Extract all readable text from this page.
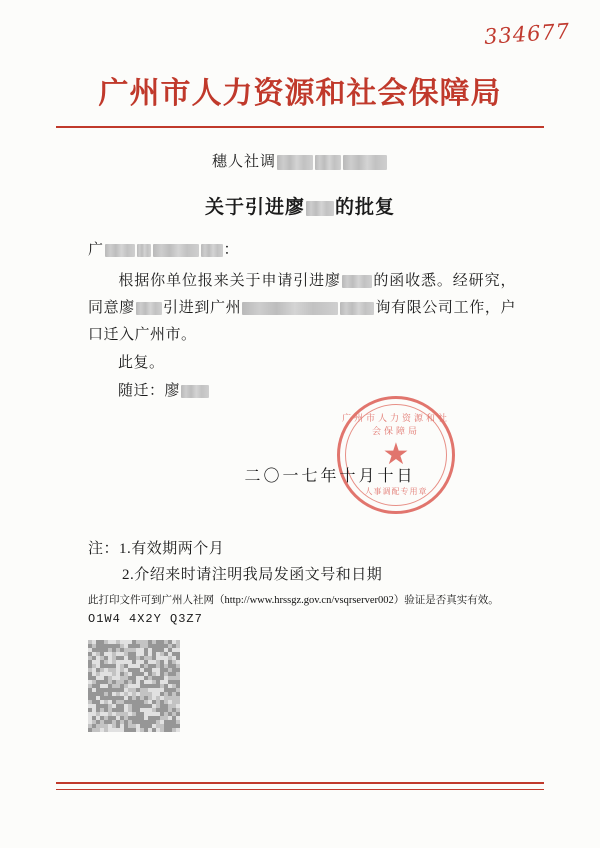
334677
广州市人力资源和社会保障局
穗人社调
关于引进廖 的批复
广	：
根据你单位报来关于申请引进廖 的函收悉。经研究，同意廖 引进到广州	询有限公司工作，户口迁入广州市。
此复。
随迁：廖
广州市人力资源和社会保障局
★
人事调配专用章
二〇一七年十月十日
注：1.有效期两个月
2.介绍来时请注明我局发函文号和日期
此打印文件可到广州人社网（http://www.hrssgz.gov.cn/vsqrserver002）验证是否真实有效。
O1W4 4X2Y Q3Z7
